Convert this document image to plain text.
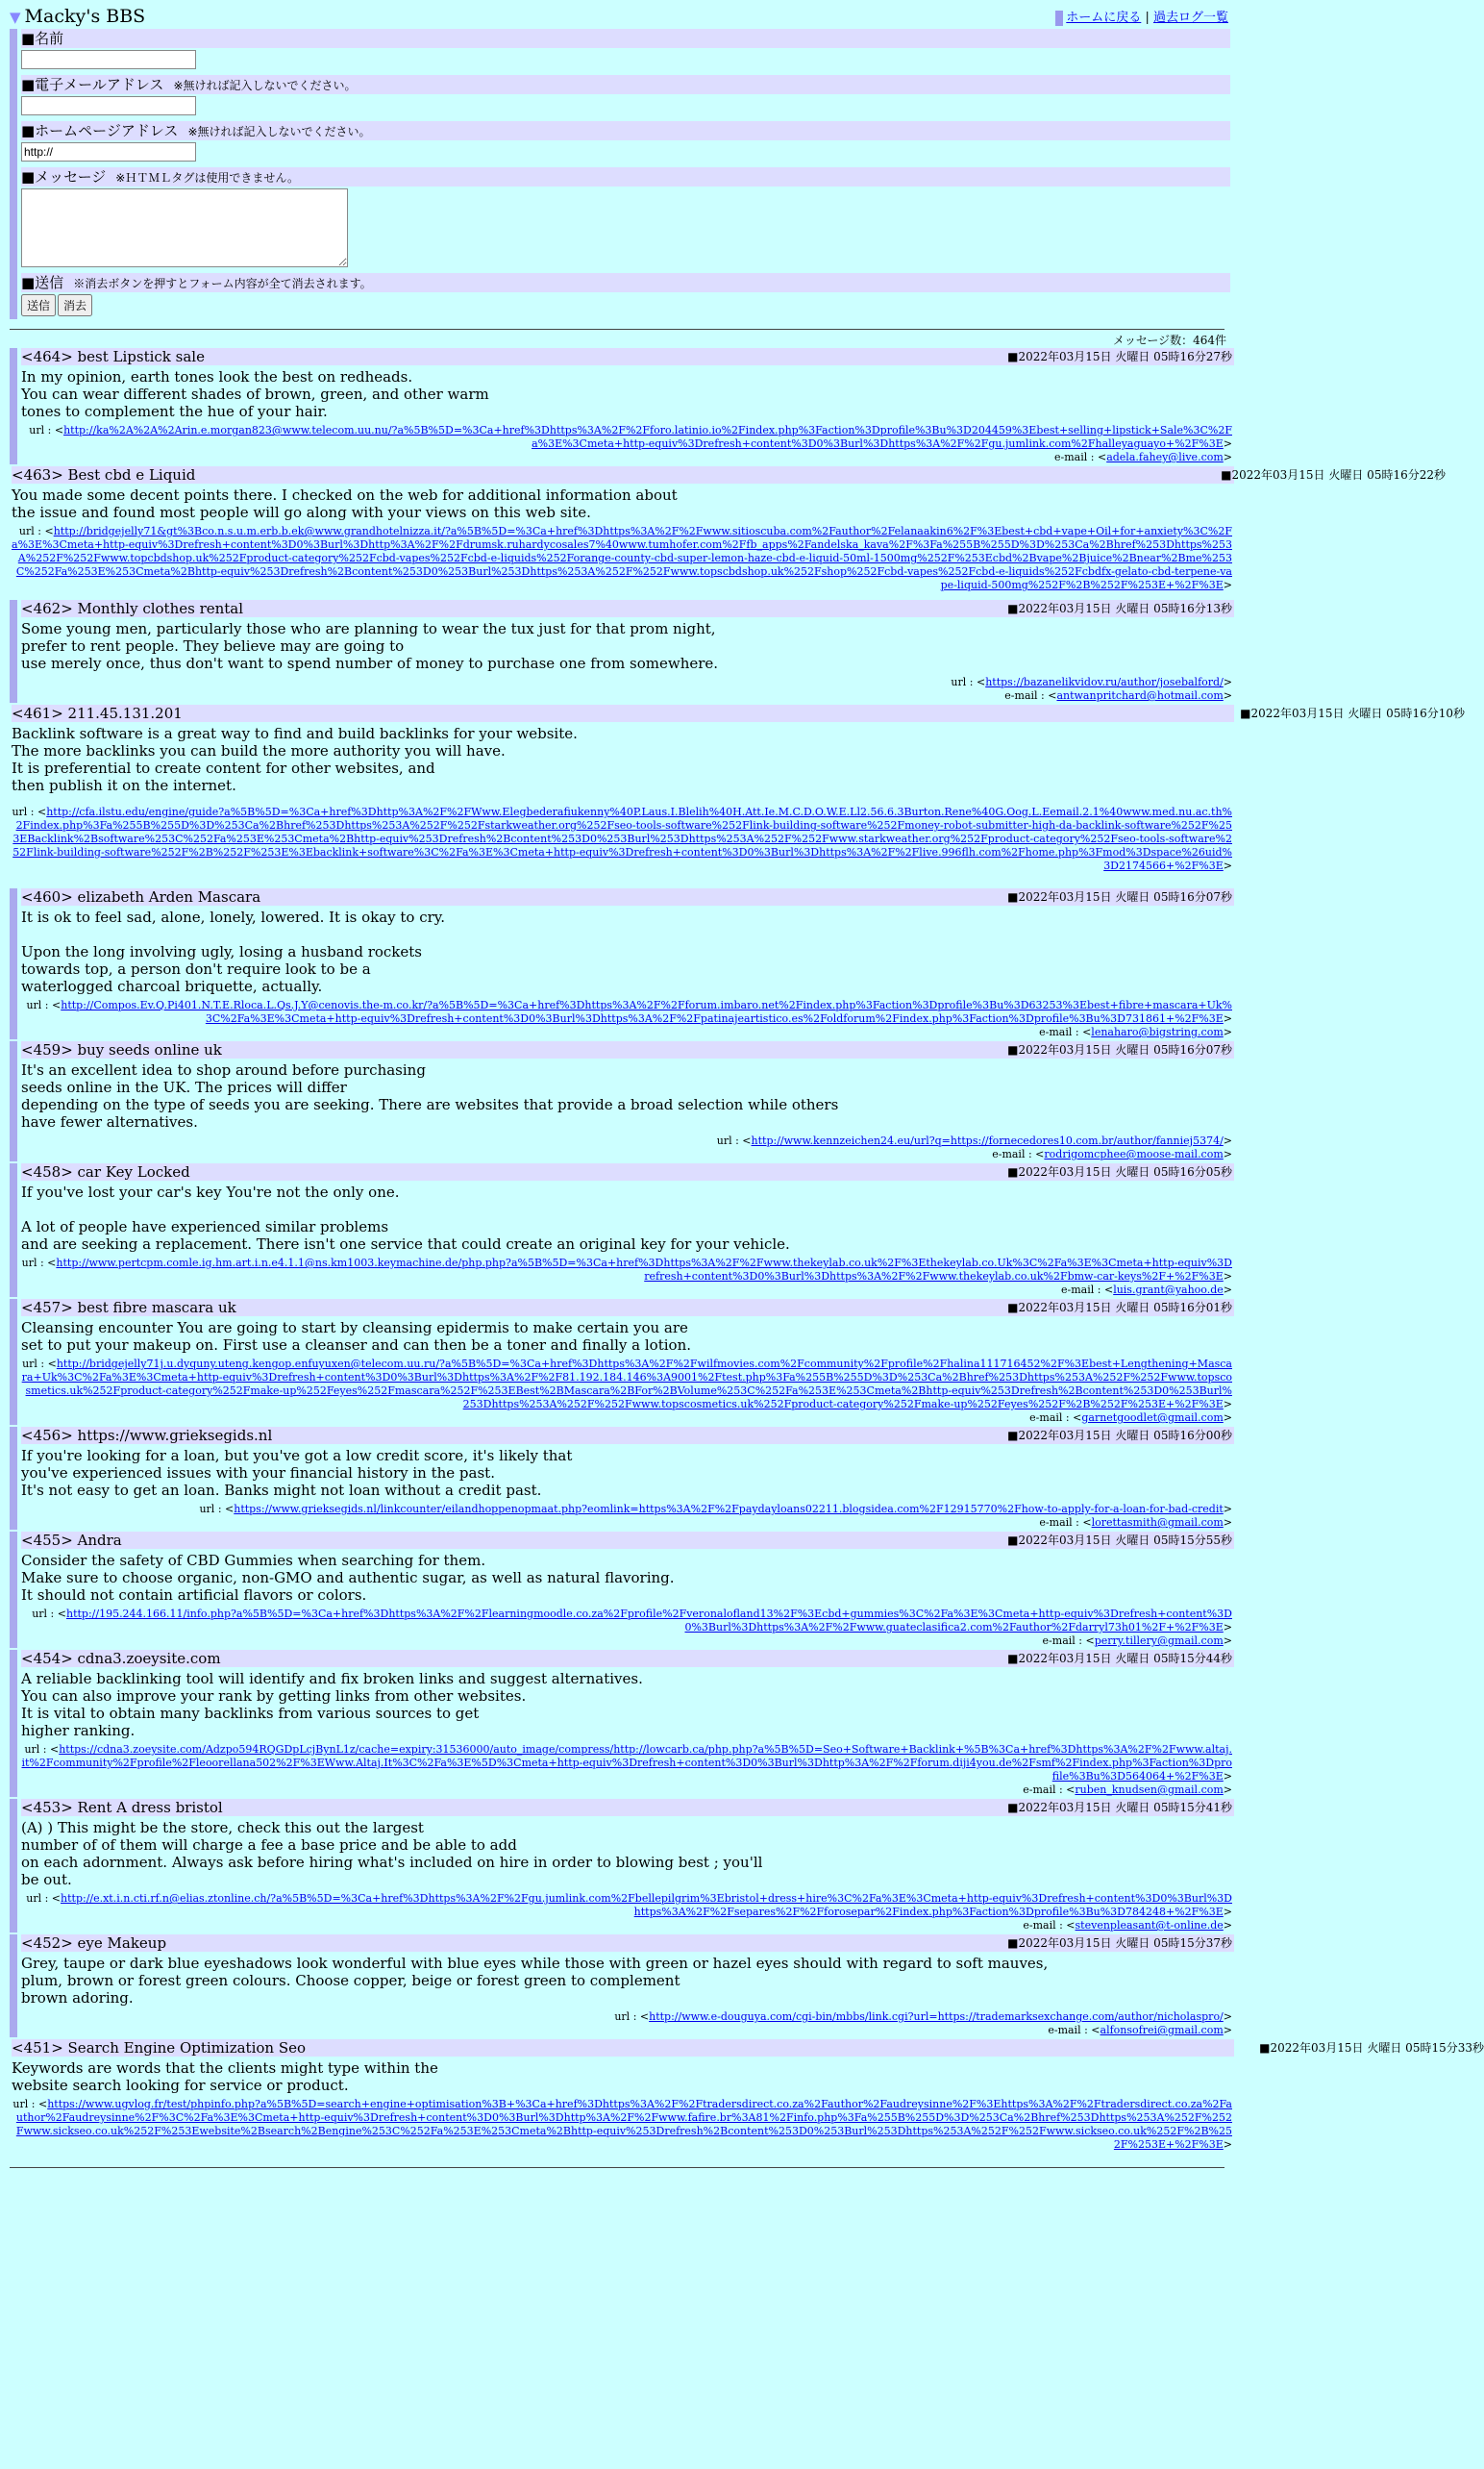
▼ Macky's BBS	ホームに戻る | 過去ログ一覧
■名前
■電子メールアドレス ※無ければ記入しないでください。
■ホームページアドレス ※無ければ記入しないでください。
http://
■メッセージ ※ＨＴＭＬタグは使用できません。
■送信 ※消去ボタンを押すとフォーム内容が全て消去されます。
送信 消去
メッセージ数：464件
<464> best Lipstick sale	■2022年03月15日 火曜日 05時16分27秒
In my opinion, earth tones look the best on redheads.
You can wear different shades of brown, green, and other warm
tones to complement the hue of your hair.
url : <http://ka%2A%2A%2Arin.e.morgan823@www.telecom.uu.nu/?a%5B%5D=%3Ca+href%3Dhttps%3A%2F%2Fforo.latinio.io%2Findex.php%3Faction%3Dprofile%3Bu%3D204459%3Ebest+selling+lipstick+Sale%3C%2Fa%3E%3Cmeta+http-equiv%3Drefresh+content%3D0%3Burl%3Dhttps%3A%2F%2Fgu.jumlink.com%2Fhalleyaguayo+%2F%3E>
e-mail : <adela.fahey@live.com>
<463> Best cbd e Liquid	■2022年03月15日 火曜日 05時16分22秒
You made some decent points there. I checked on the web for additional information about
the issue and found most people will go along with your views on this web site.
url : <http://bridgejelly71&gt%3Bco.n.s.u.m.erb.b.ek@www.grandhotelnizza.it/?a%5B%5D=%3Ca+href%3Dhttps%3A%2F%2Fwww.sitioscuba.com%2Fauthor%2Felanaakin6%2F%3Ebest+cbd+vape+Oil+for+anxiety%3C%2Fa%3E%3Cmeta+http-equiv%3Drefresh+content%3D0%3Burl%3Dhttp%3A%2F%2Fdrumsk.ruhardycosales7%40www.tumhofer.com%2Ffb_apps%2Fandelska_kava%2F%3Fa%255B%255D%3D%253Ca%2Bhref%253Dhttps%253A%252F%252Fwww.topcbdshop.uk%252Fproduct-category%252Fcbd-vapes%252Fcbd-e-liquids%252Forange-county-cbd-super-lemon-haze-cbd-e-liquid-50ml-1500mg%252F%253Ecbd%2Bvape%2Bjuice%2Bnear%2Bme%253C%252Fa%253E%253Cmeta%2Bhttp-equiv%253Drefresh%2Bcontent%253D0%253Burl%253Dhttps%253A%252F%252Fwww.topscbdshop.uk%252Fshop%252Fcbd-vapes%252Fcbd-e-liquids%252Fcbdfx-gelato-cbd-terpene-vape-liquid-500mg%252F%2B%252F%253E+%2F%3E>
<462> Monthly clothes rental	■2022年03月15日 火曜日 05時16分13秒
Some young men, particularly those who are planning to wear the tux just for that prom night,
prefer to rent people. They believe may are going to
use merely once, thus don't want to spend number of money to purchase one from somewhere.
url : <https://bazanelikvidov.ru/author/josebalford/>
e-mail : <antwanpritchard@hotmail.com>
<461> 211.45.131.201	■2022年03月15日 火曜日 05時16分10秒
Backlink software is a great way to find and build backlinks for your website.
The more backlinks you can build the more authority you will have.
It is preferential to create content for other websites, and
then publish it on the internet.
url : <http://cfa.ilstu.edu/engine/guide?a%5B%5D=%3Ca+href%3Dhttp%3A%2F%2FWww.Elegbederafiukenny%40P.Laus.I.Blelih%40H.Att.Ie.M.C.D.O.W.E.Ll2.56.6.3Burton.Rene%40G.Oog.L.Eemail.2.1%40www.med.nu.ac.th%2Findex.php%3Fa%255B%255D%3D%253Ca%2Bhref%253Dhttps%253A%252F%252Fstarkweather.org%252Fseo-tools-software%252Flink-building-software%252Fmoney-robot-submitter-high-da-backlink-software%252F%253EBacklink%2Bsoftware%253C%252Fa%253E%253Cmeta%2Bhttp-equiv%253Drefresh%2Bcontent%253D0%253Burl%253Dhttps%253A%252F%252Fwww.starkweather.org%252Fproduct-category%252Fseo-tools-software%252Flink-building-software%252F%2B%252F%253E%3Ebacklink+software%3C%2Fa%3E%3Cmeta+http-equiv%3Drefresh+content%3D0%3Burl%3Dhttps%3A%2F%2Flive.996flh.com%2Fhome.php%3Fmod%3Dspace%26uid%3D2174566+%2F%3E>
<460> elizabeth Arden Mascara	■2022年03月15日 火曜日 05時16分07秒
It is ok to feel sad, alone, lonely, lowered. It is okay to cry.

Upon the long involving ugly, losing a husband rockets
towards top, a person don't require look to be a
waterlogged charcoal briquette, actually.
url : <http://Compos.Ev.Q.Pi401.N.T.E.Rloca.L.Qs.J.Y@cenovis.the-m.co.kr/?a%5B%5D=%3Ca+href%3Dhttps%3A%2F%2Fforum.imbaro.net%2Findex.php%3Faction%3Dprofile%3Bu%3D63253%3Ebest+fibre+mascara+Uk%3C%2Fa%3E%3Cmeta+http-equiv%3Drefresh+content%3D0%3Burl%3Dhttps%3A%2F%2Fpatinajeartistico.es%2Foldforum%2Findex.php%3Faction%3Dprofile%3Bu%3D731861+%2F%3E>
e-mail : <lenaharo@bigstring.com>
<459> buy seeds online uk	■2022年03月15日 火曜日 05時16分07秒
It's an excellent idea to shop around before purchasing
seeds online in the UK. The prices will differ
depending on the type of seeds you are seeking. There are websites that provide a broad selection while others
have fewer alternatives.
url : <http://www.kennzeichen24.eu/url?q=https://fornecedores10.com.br/author/fanniej5374/>
e-mail : <rodrigomcphee@moose-mail.com>
<458> car Key Locked	■2022年03月15日 火曜日 05時16分05秒
If you've lost your car's key You're not the only one.

A lot of people have experienced similar problems
and are seeking a replacement. There isn't one service that could create an original key for your vehicle.
url : <http://www.pertcpm.comle.ig.hm.art.i.n.e4.1.1@ns.km1003.keymachine.de/php.php?a%5B%5D=%3Ca+href%3Dhttps%3A%2F%2Fwww.thekeylab.co.uk%2F%3Ethekeylab.co.Uk%3C%2Fa%3E%3Cmeta+http-equiv%3Drefresh+content%3D0%3Burl%3Dhttps%3A%2F%2Fwww.thekeylab.co.uk%2Fbmw-car-keys%2F+%2F%3E>
e-mail : <luis.grant@yahoo.de>
<457> best fibre mascara uk	■2022年03月15日 火曜日 05時16分01秒
Cleansing encounter You are going to start by cleansing epidermis to make certain you are
set to put your makeup on. First use a cleanser and can then be a toner and finally a lotion.
url : <http://bridgejelly71j.u.dyquny.uteng.kengop.enfuyuxen@telecom.uu.ru/?a%5B%5D=%3Ca+href%3Dhttps%3A%2F%2Fwilfmovies.com%2Fcommunity%2Fprofile%2Fhalina111716452%2F%3Ebest+Lengthening+Mascara+Uk%3C%2Fa%3E%3Cmeta+http-equiv%3Drefresh+content%3D0%3Burl%3Dhttps%3A%2F%2F81.192.184.146%3A9001%2Ftest.php%3Fa%255B%255D%3D%253Ca%2Bhref%253Dhttps%253A%252F%252Fwww.topscosmetics.uk%252Fproduct-category%252Fmake-up%252Feyes%252Fmascara%252F%253EBest%2BMascara%2BFor%2BVolume%253C%252Fa%253E%253Cmeta%2Bhttp-equiv%253Drefresh%2Bcontent%253D0%253Burl%253Dhttps%253A%252F%252Fwww.topscosmetics.uk%252Fproduct-category%252Fmake-up%252Feyes%252F%2B%252F%253E+%2F%3E>
e-mail : <garnetgoodlet@gmail.com>
<456> https://www.grieksegids.nl	■2022年03月15日 火曜日 05時16分00秒
If you're looking for a loan, but you've got a low credit score, it's likely that
you've experienced issues with your financial history in the past.
It's not easy to get an loan. Banks might not loan without a credit past.
url : <https://www.grieksegids.nl/linkcounter/eilandhoppenopmaat.php?eomlink=https%3A%2F%2Fpaydayloans02211.blogsidea.com%2F12915770%2Fhow-to-apply-for-a-loan-for-bad-credit>
e-mail : <lorettasmith@gmail.com>
<455> Andra	■2022年03月15日 火曜日 05時15分55秒
Consider the safety of CBD Gummies when searching for them.
Make sure to choose organic, non-GMO and authentic sugar, as well as natural flavoring.
It should not contain artificial flavors or colors.
url : <http://195.244.166.11/info.php?a%5B%5D=%3Ca+href%3Dhttps%3A%2F%2Flearningmoodle.co.za%2Fprofile%2Fveronalofland13%2F%3Ecbd+gummies%3C%2Fa%3E%3Cmeta+http-equiv%3Drefresh+content%3D0%3Burl%3Dhttps%3A%2F%2Fwww.guateclasifica2.com%2Fauthor%2Fdarryl73h01%2F+%2F%3E>
e-mail : <perry.tillery@gmail.com>
<454> cdna3.zoeysite.com	■2022年03月15日 火曜日 05時15分44秒
A reliable backlinking tool will identify and fix broken links and suggest alternatives.
You can also improve your rank by getting links from other websites.
It is vital to obtain many backlinks from various sources to get
higher ranking.
url : <https://cdna3.zoeysite.com/Adzpo594RQGDpLcjBynL1z/cache=expiry:31536000/auto_image/compress/http://lowcarb.ca/php.php?a%5B%5D=Seo+Software+Backlink+%5B%3Ca+href%3Dhttps%3A%2F%2Fwww.altaj.it%2Fcommunity%2Fprofile%2Fleoorellana502%2F%3EWww.Altaj.It%3C%2Fa%3E%5D%3Cmeta+http-equiv%3Drefresh+content%3D0%3Burl%3Dhttp%3A%2F%2Fforum.diji4you.de%2Fsmf%2Findex.php%3Faction%3Dprofile%3Bu%3D564064+%2F%3E>
e-mail : <ruben_knudsen@gmail.com>
<453> Rent A dress bristol	■2022年03月15日 火曜日 05時15分41秒
(A) ) This might be the store, check this out the largest
number of of them will charge a fee a base price and be able to add
on each adornment. Always ask before hiring what's included on hire in order to blowing best ; you'll
be out.
url : <http://e.xt.i.n.cti.rf.n@elias.ztonline.ch/?a%5B%5D=%3Ca+href%3Dhttps%3A%2F%2Fgu.jumlink.com%2Fbellepilgrim%3Ebristol+dress+hire%3C%2Fa%3E%3Cmeta+http-equiv%3Drefresh+content%3D0%3Burl%3Dhttps%3A%2F%2Fsepares%2F%2Fforosepar%2Findex.php%3Faction%3Dprofile%3Bu%3D784248+%2F%3E>
e-mail : <stevenpleasant@t-online.de>
<452> eye Makeup	■2022年03月15日 火曜日 05時15分37秒
Grey, taupe or dark blue eyeshadows look wonderful with blue eyes while those with green or hazel eyes should with regard to soft mauves,
plum, brown or forest green colours. Choose copper, beige or forest green to complement
brown adoring.
url : <http://www.e-douguya.com/cgi-bin/mbbs/link.cgi?url=https://trademarksexchange.com/author/nicholaspro/>
e-mail : <alfonsofrei@gmail.com>
<451> Search Engine Optimization Seo	■2022年03月15日 火曜日 05時15分33秒
Keywords are words that the clients might type within the
website search looking for service or product.
url : <https://www.ugvlog.fr/test/phpinfo.php?a%5B%5D=search+engine+optimisation%3B+%3Ca+href%3Dhttps%3A%2F%2Ftradersdirect.co.za%2Fauthor%2Faudreysinne%2F%3Ehttps%3A%2F%2Ftradersdirect.co.za%2Fauthor%2Faudreysinne%2F%3C%2Fa%3E%3Cmeta+http-equiv%3Drefresh+content%3D0%3Burl%3Dhttp%3A%2F%2Fwww.fafire.br%3A81%2Finfo.php%3Fa%255B%255D%3D%253Ca%2Bhref%253Dhttps%253A%252F%252Fwww.sickseo.co.uk%252F%253Ewebsite%2Bsearch%2Bengine%253C%252Fa%253E%253Cmeta%2Bhttp-equiv%253Drefresh%2Bcontent%253D0%253Burl%253Dhttps%253A%252F%252Fwww.sickseo.co.uk%252F%2B%252F%253E+%2F%3E>
